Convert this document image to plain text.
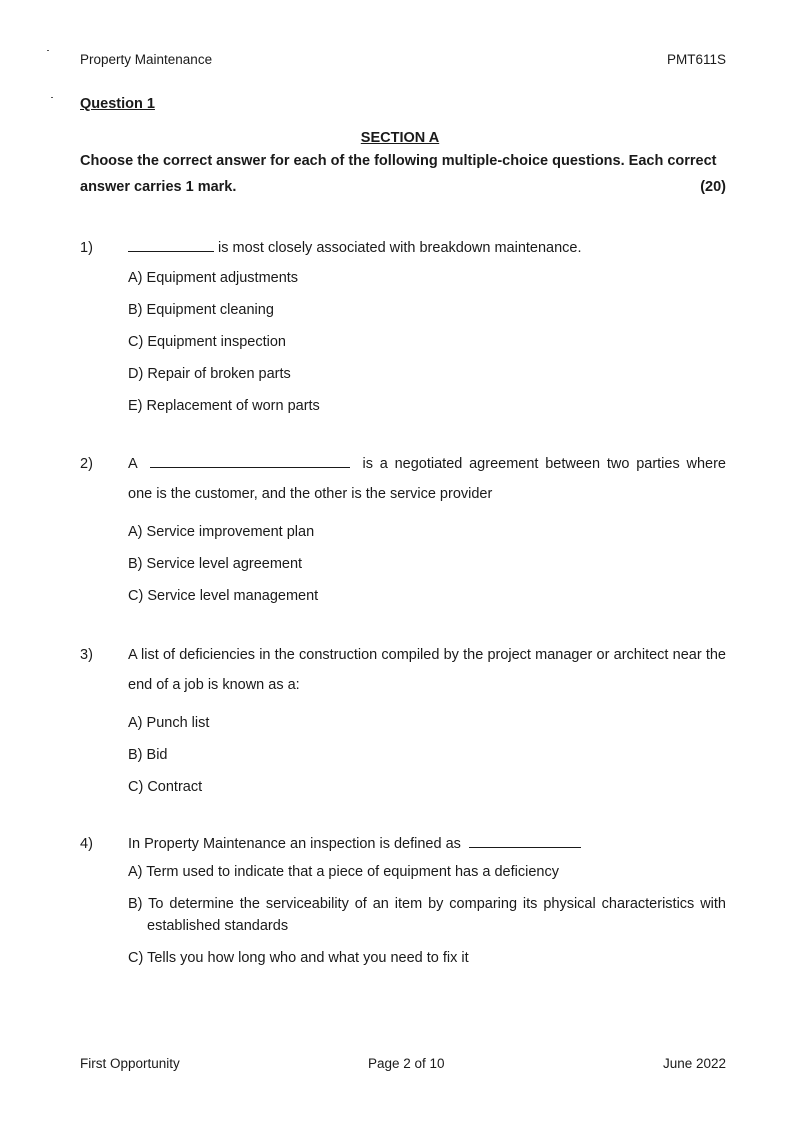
Property Maintenance	PMT611S
Question 1
SECTION A
Choose the correct answer for each of the following multiple-choice questions. Each correct
answer carries 1 mark.	(20)
1)	is most closely associated with breakdown maintenance.
A) Equipment adjustments
B) Equipment cleaning
C) Equipment inspection
D) Repair of broken parts
E) Replacement of worn parts
2) A	is a negotiated agreement between two parties where one is the customer, and the other is the service provider
A) Service improvement plan
B) Service level agreement
C) Service level management
3) A list of deficiencies in the construction compiled by the project manager or architect near the end of a job is known as a:
A) Punch list
B) Bid
C) Contract
4) In Property Maintenance an inspection is defined as
A) Term used to indicate that a piece of equipment has a deficiency
B) To determine the serviceability of an item by comparing its physical characteristics with established standards
C) Tells you how long who and what you need to fix it
First Opportunity	Page 2 of 10	June 2022
